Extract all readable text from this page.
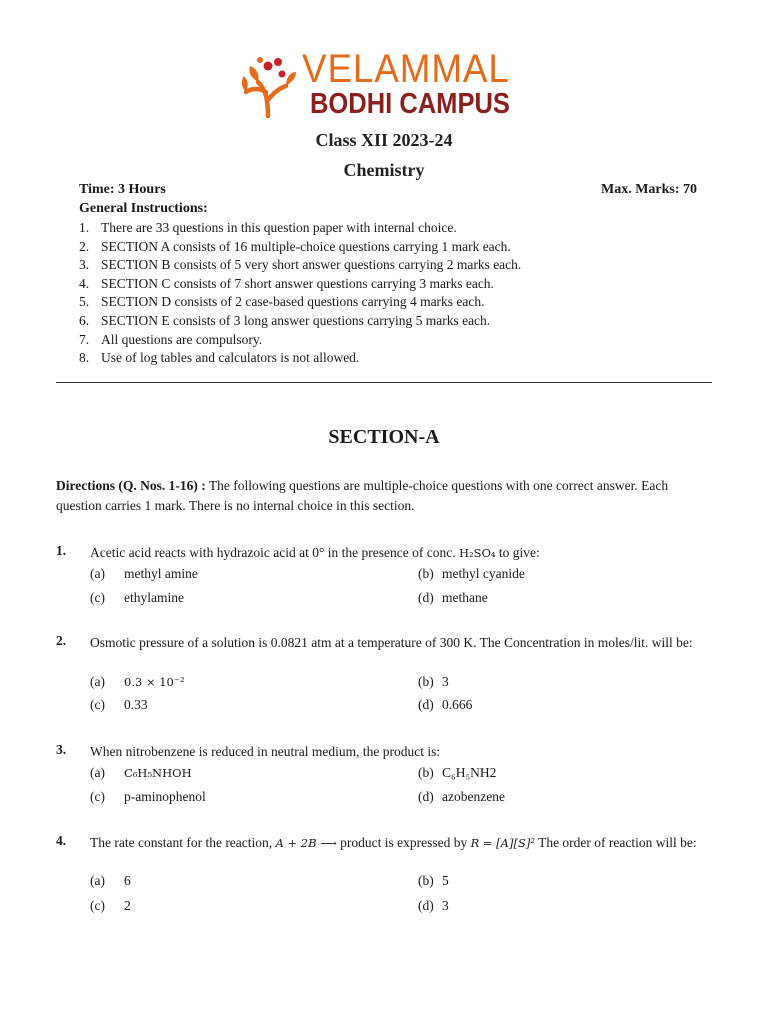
VELAMMAL
BODHI CAMPUS
Class XII 2023-24
Chemistry
Time: 3 Hours	Max. Marks: 70
General Instructions:
1. There are 33 questions in this question paper with internal choice.
2. SECTION A consists of 16 multiple-choice questions carrying 1 mark each.
3. SECTION B consists of 5 very short answer questions carrying 2 marks each.
4. SECTION C consists of 7 short answer questions carrying 3 marks each.
5. SECTION D consists of 2 case-based questions carrying 4 marks each.
6. SECTION E consists of 3 long answer questions carrying 5 marks each.
7. All questions are compulsory.
8. Use of log tables and calculators is not allowed.
SECTION-A
Directions (Q. Nos. 1-16) : The following questions are multiple-choice questions with one correct answer. Each question carries 1 mark. There is no internal choice in this section.
1. Acetic acid reacts with hydrazoic acid at 0° in the presence of conc. H₂SO₄ to give:
(a) methyl amine	(b) methyl cyanide
(c) ethylamine	(d) methane
2. Osmotic pressure of a solution is 0.0821 atm at a temperature of 300 K. The Concentration in moles/lit. will be:
(a) 0.3 × 10⁻²	(b) 3
(c) 0.33	(d) 0.666
3. When nitrobenzene is reduced in neutral medium, the product is:
(a) C₆H₅NHOH	(b) C₆H₅NH2
(c) p-aminophenol	(d) azobenzene
4. The rate constant for the reaction, A + 2B ⟶ product is expressed by R = [A][S]² The order of reaction will be:
(a) 6	(b) 5
(c) 2	(d) 3
